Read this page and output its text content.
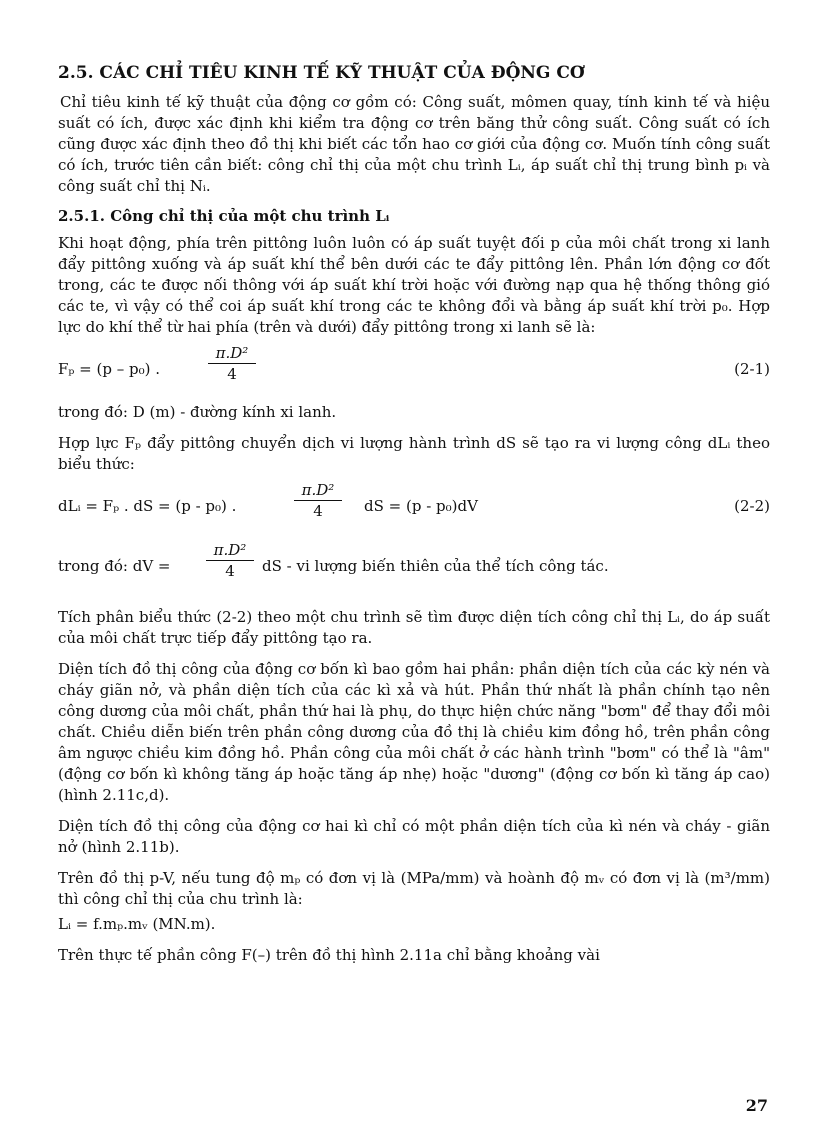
2.5. CÁC CHỈ TIÊU KINH TẾ KỸ THUẬT CỦA ĐỘNG CƠ

Chỉ tiêu kinh tế kỹ thuật của động cơ gồm có: Công suất, mômen quay, tính kinh tế và hiệu suất có ích, được xác định khi kiểm tra động cơ trên băng thử công suất. Công suất có ích cũng được xác định theo đồ thị khi biết các tổn hao cơ giới của động cơ. Muốn tính công suất có ích, trước tiên cần biết: công chỉ thị của một chu trình Lᵢ, áp suất chỉ thị trung bình pᵢ và công suất chỉ thị Nᵢ.

2.5.1. Công chỉ thị của một chu trình Lᵢ

Khi hoạt động, phía trên pittông luôn luôn có áp suất tuyệt đối p của môi chất trong xi lanh đẩy pittông xuống và áp suất khí thể bên dưới các te đẩy pittông lên. Phần lớn động cơ đốt trong, các te được nối thông với áp suất khí trời hoặc với đường nạp qua hệ thống thông gió các te, vì vậy có thể coi áp suất khí trong các te không đổi và bằng áp suất khí trời p₀. Hợp lực do khí thể từ hai phía (trên và dưới) đẩy pittông trong xi lanh sẽ là:

Fₚ = (p – p₀) .	$\frac{\text{π.D²}}{4}$	(2-1)

trong đó: D (m) - đường kính xi lanh.

Hợp lực Fₚ đẩy pittông chuyển dịch vi lượng hành trình dS sẽ tạo ra vi lượng công dLᵢ theo biểu thức:

dLᵢ = Fₚ . dS = (p - p₀) .	$\frac{\text{π.D²}}{4}$ dS = (p - p₀)dV	(2-2)
trong đó: dV = $\frac{\text{π.D²}}{4}$ dS - vi lượng biến thiên của thể tích công tác.

Tích phân biểu thức (2-2) theo một chu trình sẽ tìm được diện tích công chỉ thị Lᵢ, do áp suất của môi chất trực tiếp đẩy pittông tạo ra.

Diện tích đồ thị công của động cơ bốn kì bao gồm hai phần: phần diện tích của các kỳ nén và cháy giãn nở, và phần diện tích của các kì xả và hút. Phần thứ nhất là phần chính tạo nên công dương của môi chất, phần thứ hai là phụ, do thực hiện chức năng "bơm" để thay đổi môi chất. Chiều diễn biến trên phần công dương của đồ thị là chiều kim đồng hồ, trên phần công âm ngược chiều kim đồng hồ. Phần công của môi chất ở các hành trình "bơm" có thể là "âm" (động cơ bốn kì không tăng áp hoặc tăng áp nhẹ) hoặc "dương" (động cơ bốn kì tăng áp cao) (hình 2.11c,d).

Diện tích đồ thị công của động cơ hai kì chỉ có một phần diện tích của kì nén và cháy - giãn nở (hình 2.11b).

Trên đồ thị p-V, nếu tung độ mₚ có đơn vị là (MPa/mm) và hoành độ mᵥ có đơn vị là (m³/mm) thì công chỉ thị của chu trình là:

Lᵢ = f.mₚ.mᵥ (MN.m).

Trên thực tế phần công F(–) trên đồ thị hình 2.11a chỉ bằng khoảng vài

27
